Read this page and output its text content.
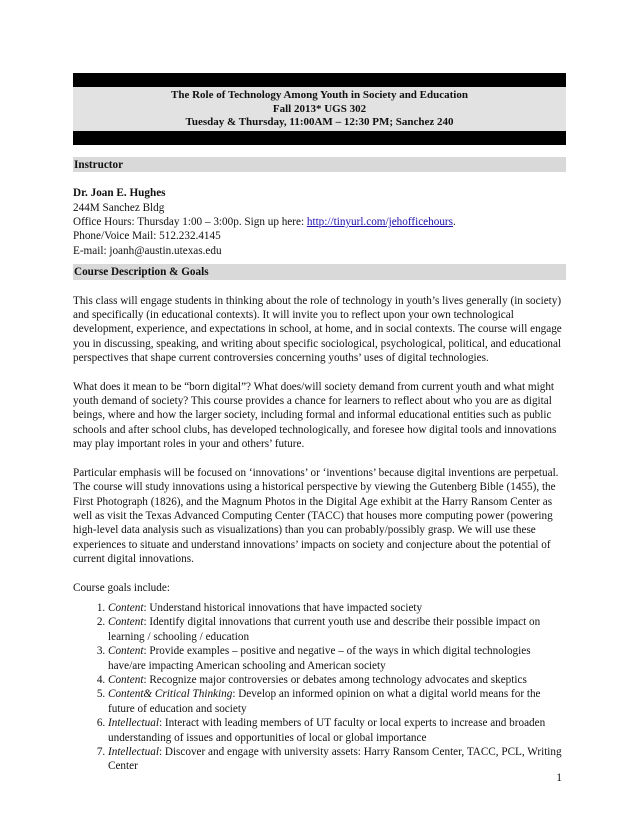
The Role of Technology Among Youth in Society and Education
Fall 2013* UGS 302
Tuesday & Thursday, 11:00AM – 12:30 PM; Sanchez 240
Instructor

Dr. Joan E. Hughes

244M Sanchez Bldg

Office Hours: Thursday 1:00 – 3:00p. Sign up here: http://tinyurl.com/jehofficehours.

Phone/Voice Mail: 512.232.4145

E-mail: joanh@austin.utexas.edu

Course Description & Goals

This class will engage students in thinking about the role of technology in youth’s lives generally (in society) and specifically (in educational contexts). It will invite you to reflect upon your own technological development, experience, and expectations in school, at home, and in social contexts. The course will engage you in discussing, speaking, and writing about specific sociological, psychological, political, and educational perspectives that shape current controversies concerning youths’ uses of digital technologies.

What does it mean to be “born digital”? What does/will society demand from current youth and what might youth demand of society? This course provides a chance for learners to reflect about who you are as digital beings, where and how the larger society, including formal and informal educational entities such as public schools and after school clubs, has developed technologically, and foresee how digital tools and innovations may play important roles in your and others’ future.

Particular emphasis will be focused on ‘innovations’ or ‘inventions’ because digital inventions are perpetual. The course will study innovations using a historical perspective by viewing the Gutenberg Bible (1455), the First Photograph (1826), and the Magnum Photos in the Digital Age exhibit at the Harry Ransom Center as well as visit the Texas Advanced Computing Center (TACC) that houses more computing power (powering high-level data analysis such as visualizations) than you can probably/possibly grasp. We will use these experiences to situate and understand innovations’ impacts on society and conjecture about the potential of current digital innovations.

Course goals include:

1. Content: Understand historical innovations that have impacted society
2. Content: Identify digital innovations that current youth use and describe their possible impact on learning / schooling / education
3. Content: Provide examples – positive and negative – of the ways in which digital technologies have/are impacting American schooling and American society
4. Content: Recognize major controversies or debates among technology advocates and skeptics
5. Content& Critical Thinking: Develop an informed opinion on what a digital world means for the future of education and society
6. Intellectual: Interact with leading members of UT faculty or local experts to increase and broaden understanding of issues and opportunities of local or global importance
7. Intellectual: Discover and engage with university assets: Harry Ransom Center, TACC, PCL, Writing Center
1
